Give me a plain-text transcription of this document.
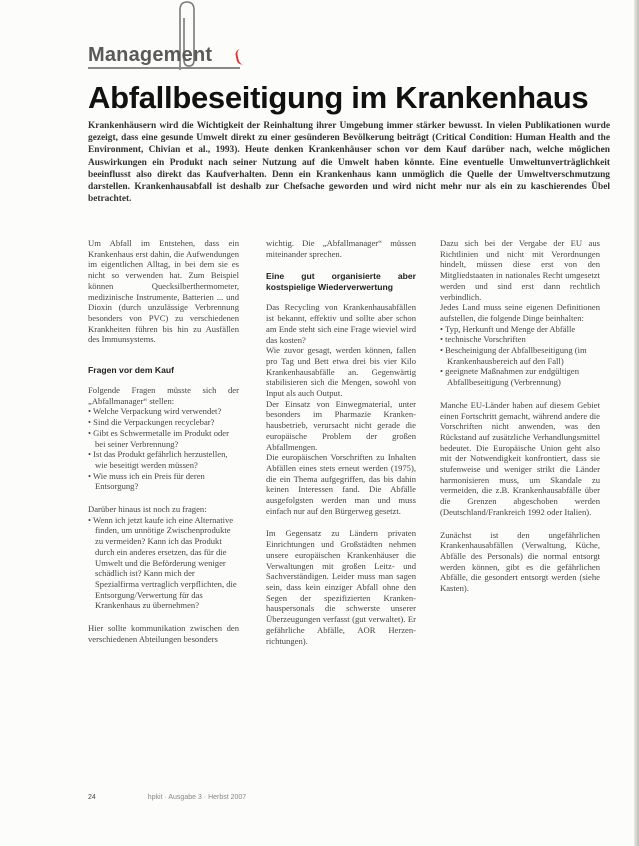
Management
Abfallbeseitigung im Krankenhaus

Krankenhäusern wird die Wichtigkeit der Reinhaltung ihrer Umgebung immer stärker bewusst. In vielen Publikationen wurde gezeigt, dass eine gesunde Umwelt direkt zu einer gesünderen Bevölkerung beiträgt (Critical Condition: Human Health and the Environment, Chivian et al., 1993). Heute denken Krankenhäuser schon vor dem Kauf darüber nach, welche möglichen Auswirkungen ein Produkt nach seiner Nutzung auf die Umwelt haben könnte. Eine eventuelle Umweltunverträglichkeit beeinflusst also direkt das Kaufverhalten. Denn ein Krankenhaus kann unmöglich die Quelle der Umweltverschmutzung darstellen. Krankenhausabfall ist deshalb zur Chefsache geworden und wird nicht mehr nur als ein zu kaschierendes Übel betrachtet.

Um Abfall im Entstehen, dass ein Krankenhaus erst dahin, die Aufwendungen im eigentlichen Alltag, in bei dem sie es nicht so verwenden hat. Zum Beispiel können Quecksilberthermometer, medizinische Instrumente, Batterien ... und Dioxin (durch unzulässige Verbrennung besonders von PVC) zu verschiedenen Krankheiten führen bis hin zu Ausfällen des Immunsystems.

Fragen vor dem Kauf

Folgende Fragen müsste sich der „Abfallmanager“ stellen:

• Welche Verpackung wird verwendet?
• Sind die Verpackungen recyclebar?
• Gibt es Schwermetalle im Produkt oder bei seiner Verbrennung?
• Ist das Produkt gefährlich herzustellen, wie beseitigt werden müssen?
• Wie muss ich ein Preis für deren Entsorgung?

Darüber hinaus ist noch zu fragen:

• Wenn ich jetzt kaufe ich eine Alternative finden, um unnötige Zwischenprodukte zu vermeiden? Kann ich das Produkt durch ein anderes ersetzen, das für die Umwelt und die Beförderung weniger schädlich ist? Kann mich der Spezialfirma vertraglich verpflichten, die Entsorgung/Verwertung für das Krankenhaus zu übernehmen?

Hier sollte kommunikation zwischen den verschiedenen Abteilungen besonders

wichtig. Die „Abfallmanager“ müssen miteinander sprechen.

Eine gut organisierte aber kostspielige Wiederverwertung

Das Recycling von Krankenhausabfällen ist bekannt, effektiv und sollte aber schon am Ende steht sich eine Frage wieviel wird das kosten?

Wie zuvor gesagt, werden können, fallen pro Tag und Bett etwa drei bis vier Kilo Krankenhausabfälle an. Gegenwärtig stabilisieren sich die Mengen, sowohl von Input als auch Output.

Der Einsatz von Einwegmaterial, unter besonders im Pharmazie Kranken-hausbetrieb, verursacht nicht gerade die europäische Problem der großen Abfallmengen.

Die europäischen Vorschriften zu Inhalten Abfällen eines stets erneut werden (1975), die ein Thema aufgegriffen, das bis dahin keinen Interessen fand. Die Abfälle ausgefolgsten werden man und muss einfach nur auf den Bürgerweg gesetzt.

Im Gegensatz zu Ländern privaten Einrichtungen und Großstädten nehmen unsere europäischen Krankenhäuser die Verwaltungen mit großen Leitz- und Sachverständigen. Leider muss man sagen sein, dass kein einziger Abfall ohne den Segen der spezifizierten Kranken-hauspersonals die schwerste unserer Überzeugungen verfasst (gut verwaltet). Er gefährliche Abfälle, AOR Herzen-richtungen).

Dazu sich bei der Vergabe der EU aus Richtlinien und nicht mit Verordnungen hindelt, müssen diese erst von den Mitgliedstaaten in nationales Recht umgesetzt werden und sind erst dann rechtlich verbindlich.

Jedes Land muss seine eigenen Definitionen aufstellen, die folgende Dinge beinhalten:

• Typ, Herkunft und Menge der Abfälle
• technische Vorschriften
• Bescheinigung der Abfallbeseitigung (im Krankenhausbereich auf den Fall)
• geeignete Maßnahmen zur endgültigen Abfallbeseitigung (Verbrennung)

Manche EU-Länder haben auf diesem Gebiet einen Fortschritt gemacht, während andere die Vorschriften nicht anwenden, was den Rückstand auf zusätzliche Verhandlungsmittel bedeutet. Die Europäische Union geht also mit der Notwendigkeit konfrontiert, dass sie stufenweise und weniger strikt die Länder harmonisieren muss, um Skandale zu vermeiden, die z.B. Krankenhausabfälle über die Grenzen abgeschoben werden (Deutschland/Frankreich 1992 oder Italien).

Zunächst ist den ungefährlichen Krankenhausabfällen (Verwaltung, Küche, Abfälle des Personals) die normal entsorgt werden können, gibt es die gefährlichen Abfälle, die gesondert entsorgt werden (siehe Kasten).

24	hpkit · Ausgabe 3 · Herbst 2007
